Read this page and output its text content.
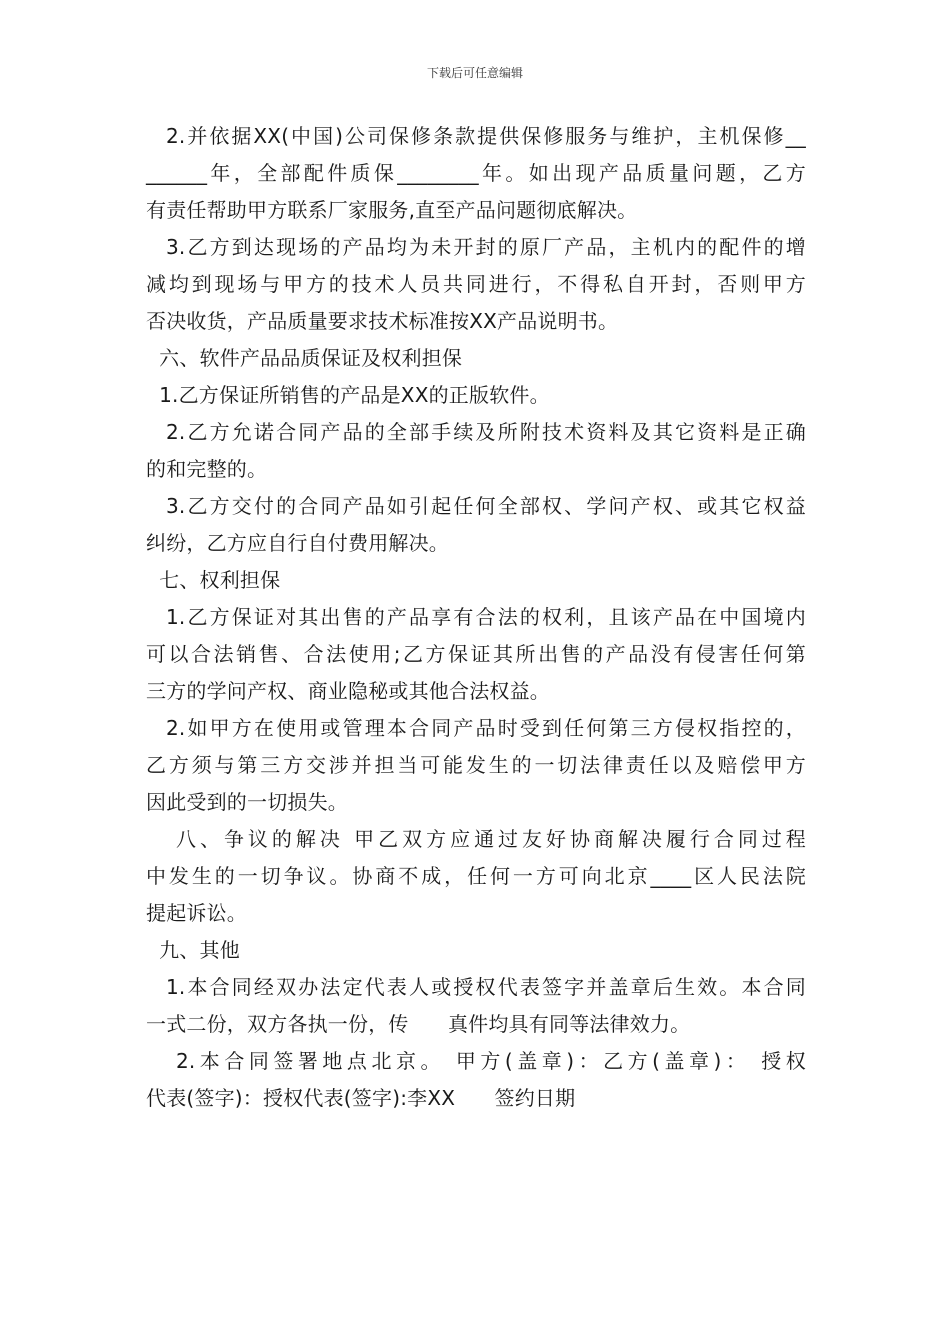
下载后可任意编辑
2.并依据XX(中国)公司保修条款提供保修服务与维护，主机保修__
______年，全部配件质保________年。如出现产品质量问题，乙方
有责任帮助甲方联系厂家服务,直至产品问题彻底解决。
3.乙方到达现场的产品均为未开封的原厂产品，主机内的配件的增
减均到现场与甲方的技术人员共同进行，不得私自开封，否则甲方
否决收货，产品质量要求技术标准按XX产品说明书。
六、软件产品品质保证及权利担保
1.乙方保证所销售的产品是XX的正版软件。
2.乙方允诺合同产品的全部手续及所附技术资料及其它资料是正确
的和完整的。
3.乙方交付的合同产品如引起任何全部权、学问产权、或其它权益
纠纷，乙方应自行自付费用解决。
七、权利担保
1.乙方保证对其出售的产品享有合法的权利，且该产品在中国境内
可以合法销售、合法使用;乙方保证其所出售的产品没有侵害任何第
三方的学问产权、商业隐秘或其他合法权益。
2.如甲方在使用或管理本合同产品时受到任何第三方侵权指控的，
乙方须与第三方交涉并担当可能发生的一切法律责任以及赔偿甲方
因此受到的一切损失。
八、争议的解决 甲乙双方应通过友好协商解决履行合同过程
中发生的一切争议。协商不成，任何一方可向北京____区人民法院
提起诉讼。
九、其他
1.本合同经双办法定代表人或授权代表签字并盖章后生效。本合同
一式二份，双方各执一份，传      真件均具有同等法律效力。
2.本合同签署地点北京。 甲方(盖章)：乙方(盖章)： 授权
代表(签字)：授权代表(签字):李XX      签约日期
